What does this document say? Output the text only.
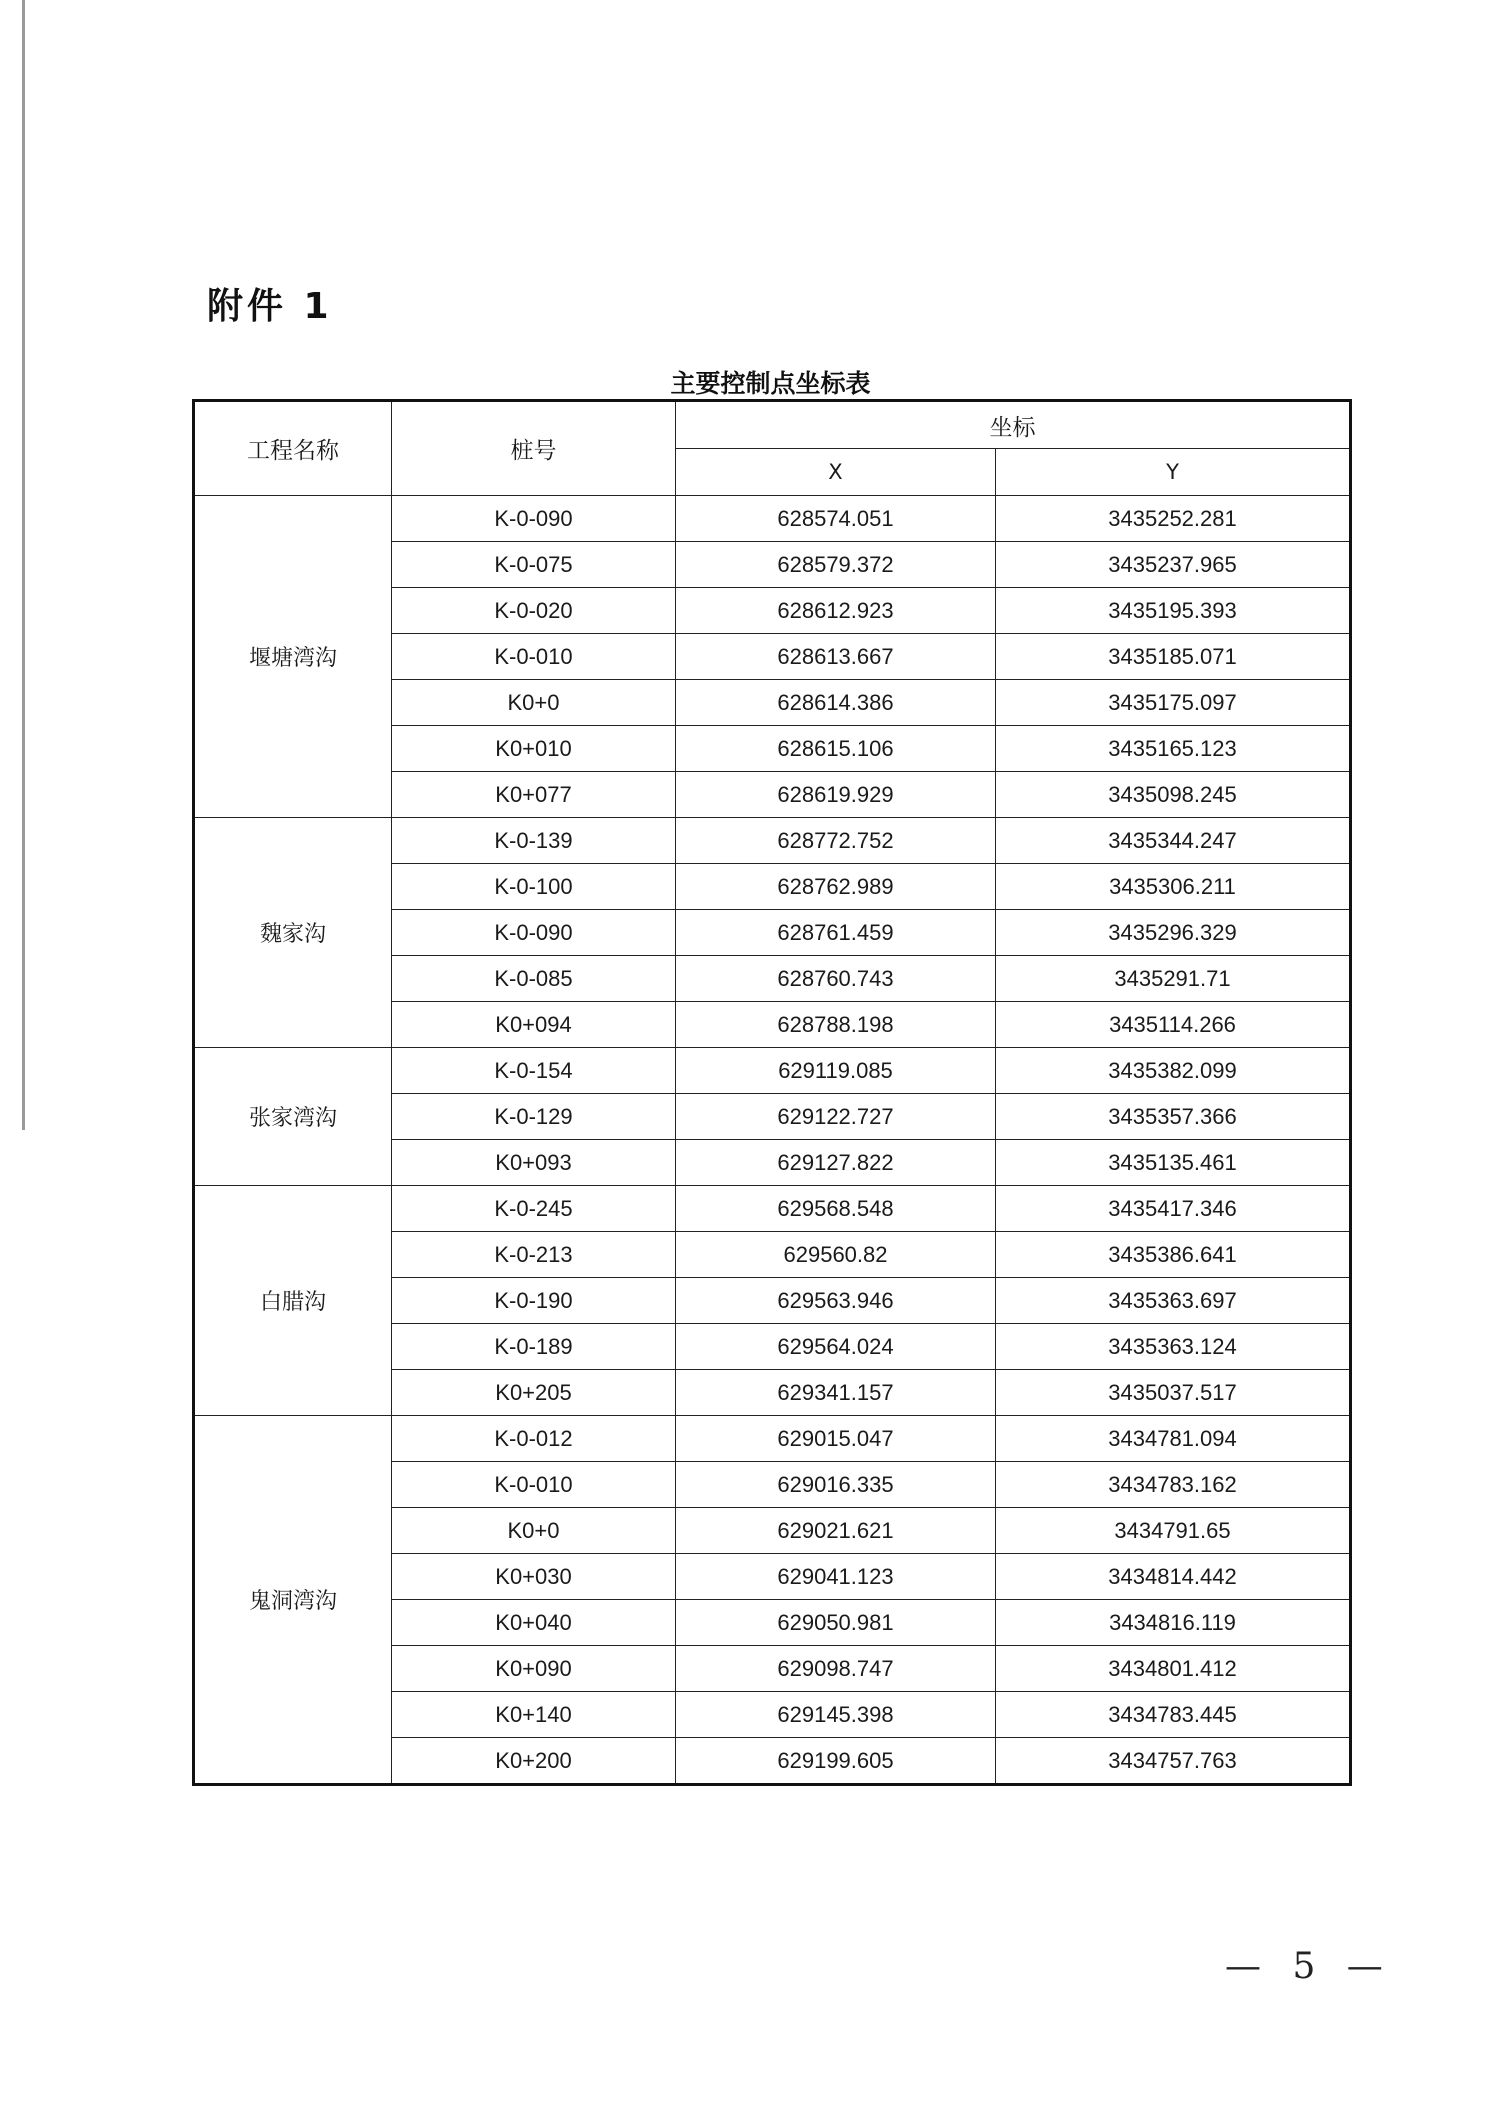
附件 1
主要控制点坐标表
工程名称	桩号	坐标	
		X	Y
堰塘湾沟	K-0-090	628574.051	3435252.281
	K-0-075	628579.372	3435237.965
	K-0-020	628612.923	3435195.393
	K-0-010	628613.667	3435185.071
	K0+0	628614.386	3435175.097
	K0+010	628615.106	3435165.123
	K0+077	628619.929	3435098.245
魏家沟	K-0-139	628772.752	3435344.247
	K-0-100	628762.989	3435306.211
	K-0-090	628761.459	3435296.329
	K-0-085	628760.743	3435291.71
	K0+094	628788.198	3435114.266
张家湾沟	K-0-154	629119.085	3435382.099
	K-0-129	629122.727	3435357.366
	K0+093	629127.822	3435135.461
白腊沟	K-0-245	629568.548	3435417.346
	K-0-213	629560.82	3435386.641
	K-0-190	629563.946	3435363.697
	K-0-189	629564.024	3435363.124
	K0+205	629341.157	3435037.517
鬼洞湾沟	K-0-012	629015.047	3434781.094
	K-0-010	629016.335	3434783.162
	K0+0	629021.621	3434791.65
	K0+030	629041.123	3434814.442
	K0+040	629050.981	3434816.119
	K0+090	629098.747	3434801.412
	K0+140	629145.398	3434783.445
	K0+200	629199.605	3434757.763
— 5 —
